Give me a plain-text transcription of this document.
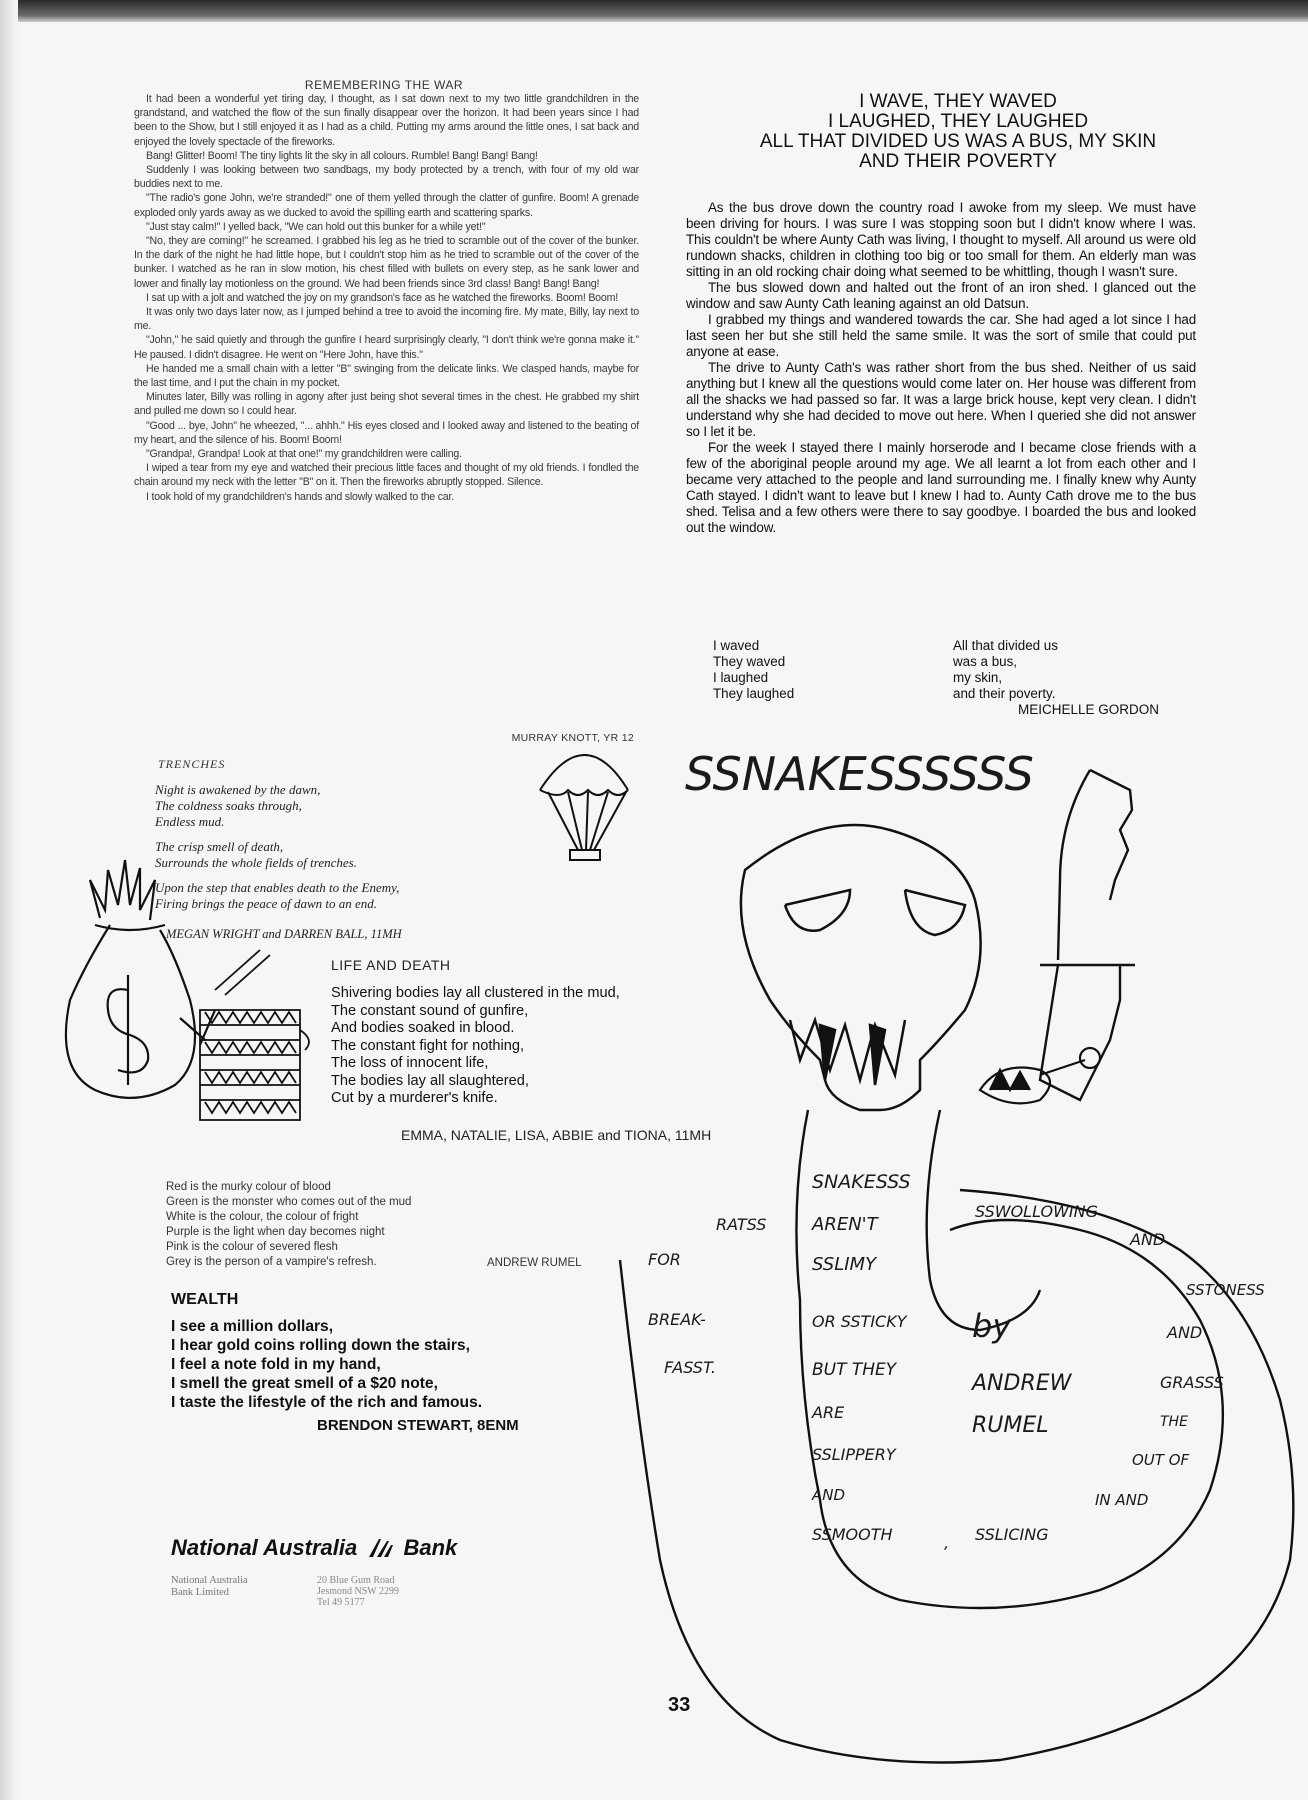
REMEMBERING THE WAR

It had been a wonderful yet tiring day, I thought, as I sat down next to my two little grandchildren in the grandstand, and watched the flow of the sun finally disappear over the horizon. It had been years since I had been to the Show, but I still enjoyed it as I had as a child. Putting my arms around the little ones, I sat back and enjoyed the lovely spectacle of the fireworks.

Bang! Glitter! Boom! The tiny lights lit the sky in all colours. Rumble! Bang! Bang! Bang!

Suddenly I was looking between two sandbags, my body protected by a trench, with four of my old war buddies next to me.

"The radio's gone John, we're stranded!" one of them yelled through the clatter of gunfire. Boom! A grenade exploded only yards away as we ducked to avoid the spilling earth and scattering sparks.

"Just stay calm!" I yelled back, "We can hold out this bunker for a while yet!"

"No, they are coming!" he screamed. I grabbed his leg as he tried to scramble out of the cover of the bunker. In the dark of the night he had little hope, but I couldn't stop him as he tried to scramble out of the cover of the bunker. I watched as he ran in slow motion, his chest filled with bullets on every step, as he sank lower and lower and finally lay motionless on the ground. We had been friends since 3rd class! Bang! Bang! Bang!

I sat up with a jolt and watched the joy on my grandson's face as he watched the fireworks. Boom! Boom!

It was only two days later now, as I jumped behind a tree to avoid the incoming fire. My mate, Billy, lay next to me.

"John," he said quietly and through the gunfire I heard surprisingly clearly, "I don't think we're gonna make it." He paused. I didn't disagree. He went on "Here John, have this."

He handed me a small chain with a letter "B" swinging from the delicate links. We clasped hands, maybe for the last time, and I put the chain in my pocket.

Minutes later, Billy was rolling in agony after just being shot several times in the chest. He grabbed my shirt and pulled me down so I could hear.

"Good ... bye, John" he wheezed, "... ahhh." His eyes closed and I looked away and listened to the beating of my heart, and the silence of his. Boom! Boom!

"Grandpa!, Grandpa! Look at that one!" my grandchildren were calling.

I wiped a tear from my eye and watched their precious little faces and thought of my old friends. I fondled the chain around my neck with the letter "B" on it. Then the fireworks abruptly stopped. Silence.

I took hold of my grandchildren's hands and slowly walked to the car.

MURRAY KNOTT, YR 12
TRENCHES
Night is awakened by the dawn,
The coldness soaks through,
Endless mud.
The crisp smell of death,
Surrounds the whole fields of trenches.
Upon the step that enables death to the Enemy,
Firing brings the peace of dawn to an end.
MEGAN WRIGHT and DARREN BALL, 11MH
LIFE AND DEATH
Shivering bodies lay all clustered in the mud,
The constant sound of gunfire,
And bodies soaked in blood.
The constant fight for nothing,
The loss of innocent life,
The bodies lay all slaughtered,
Cut by a murderer's knife.
EMMA, NATALIE, LISA, ABBIE and TIONA, 11MH
Red is the murky colour of blood
Green is the monster who comes out of the mud
White is the colour, the colour of fright
Purple is the light when day becomes night
Pink is the colour of severed flesh
Grey is the person of a vampire's refresh.	ANDREW RUMEL
WEALTH
I see a million dollars,
I hear gold coins rolling down the stairs,
I feel a note fold in my hand,
I smell the great smell of a $20 note,
I taste the lifestyle of the rich and famous.
BRENDON STEWART, 8ENM
National Australia Bank
National Australia
Bank Limited
20 Blue Gum Road
Jesmond NSW 2299
Tel 49 5177
I WAVE, THEY WAVED
I LAUGHED, THEY LAUGHED
ALL THAT DIVIDED US WAS A BUS, MY SKIN
AND THEIR POVERTY

As the bus drove down the country road I awoke from my sleep. We must have been driving for hours. I was sure I was stopping soon but I didn't know where I was. This couldn't be where Aunty Cath was living, I thought to myself. All around us were old rundown shacks, children in clothing too big or too small for them. An elderly man was sitting in an old rocking chair doing what seemed to be whittling, though I wasn't sure.

The bus slowed down and halted out the front of an iron shed. I glanced out the window and saw Aunty Cath leaning against an old Datsun.

I grabbed my things and wandered towards the car. She had aged a lot since I had last seen her but she still held the same smile. It was the sort of smile that could put anyone at ease.

The drive to Aunty Cath's was rather short from the bus shed. Neither of us said anything but I knew all the questions would come later on. Her house was different from all the shacks we had passed so far. It was a large brick house, kept very clean. I didn't understand why she had decided to move out here. When I queried she did not answer so I let it be.

For the week I stayed there I mainly horserode and I became close friends with a few of the aboriginal people around my age. We all learnt a lot from each other and I became very attached to the people and land surrounding me. I finally knew why Aunty Cath stayed. I didn't want to leave but I knew I had to. Aunty Cath drove me to the bus shed. Telisa and a few others were there to say goodbye. I boarded the bus and looked out the window.

I waved
They waved
I laughed
They laughed
All that divided us
was a bus,
my skin,
and their poverty.
MEICHELLE GORDON
33
SSNAKESSSSSS
SNAKESSS
SSWOLLOWING
AND
RATSS	AREN'T
FOR	SSLIMY
SSTONESS
BREAK-	OR SSTICKY by	AND
FASST.	BUT THEY
ANDREW	GRASSS
ARE
RUMEL	THE
SSLIPPERY	OUT OF
AND	IN AND
SSMOOTH	, SSLICING
